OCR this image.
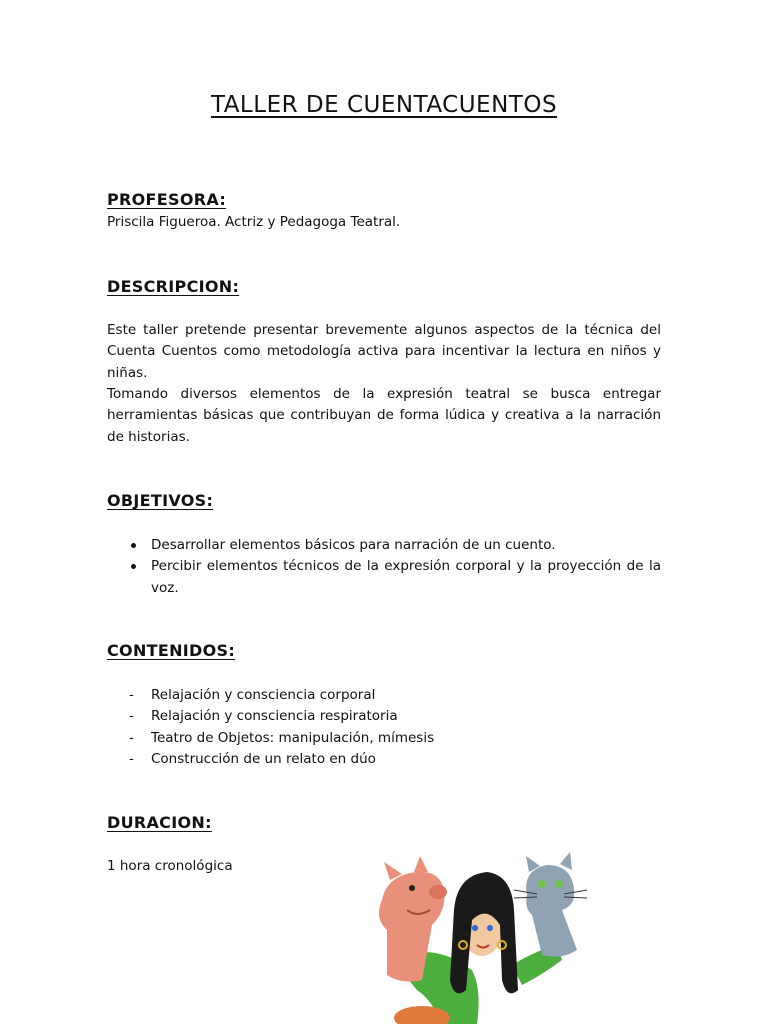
TALLER DE CUENTACUENTOS
PROFESORA:
Priscila Figueroa. Actriz y Pedagoga Teatral.
DESCRIPCION:
Este taller pretende presentar brevemente algunos aspectos de la técnica del Cuenta Cuentos como metodología activa para incentivar la lectura en niños y niñas.
Tomando diversos elementos de la expresión teatral se busca entregar herramientas básicas que contribuyan de forma lúdica y creativa a la narración de historias.
OBJETIVOS:
Desarrollar elementos básicos para narración de un cuento.
Percibir elementos técnicos de la expresión corporal y la proyección de la voz.
CONTENIDOS:
- Relajación y consciencia corporal
- Relajación y consciencia respiratoria
- Teatro de Objetos: manipulación, mímesis
- Construcción de un relato en dúo
DURACION:
1 hora cronológica
